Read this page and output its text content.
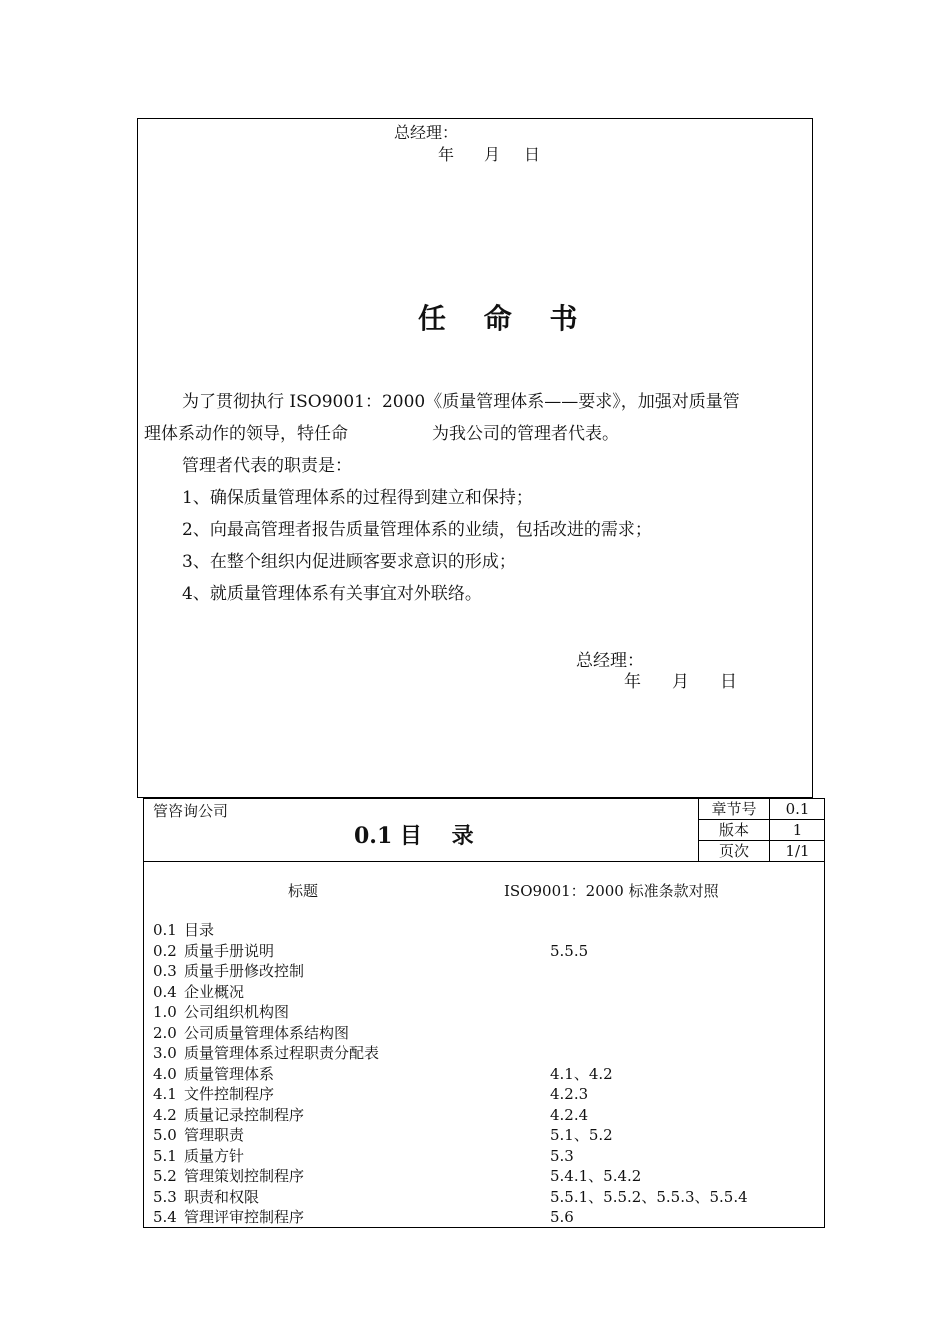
总经理：
年 月 日
任 命 书
为了贯彻执行 ISO9001：2000《质量管理体系——要求》，加强对质量管
理体系动作的领导，特任命	为我公司的管理者代表。
管理者代表的职责是：
1、确保质量管理体系的过程得到建立和保持；
2、向最高管理者报告质量管理体系的业绩，包括改进的需求；
3、在整个组织内促进顾客要求意识的形成；
4、就质量管理体系有关事宜对外联络。
总经理：
年 月 日
管咨询公司
0.1 目　 录
章节号	0.1
版本	1
页次	1/1
标题	ISO9001：2000 标准条款对照
0.1 目录
0.2 质量手册说明	5.5.5
0.3 质量手册修改控制
0.4 企业概况
1.0 公司组织机构图
2.0 公司质量管理体系结构图
3.0 质量管理体系过程职责分配表
4.0 质量管理体系	4.1、4.2
4.1 文件控制程序	4.2.3
4.2 质量记录控制程序	4.2.4
5.0 管理职责	5.1、5.2
5.1 质量方针	5.3
5.2 管理策划控制程序	5.4.1、5.4.2
5.3 职责和权限	5.5.1、5.5.2、5.5.3、5.5.4
5.4 管理评审控制程序	5.6
